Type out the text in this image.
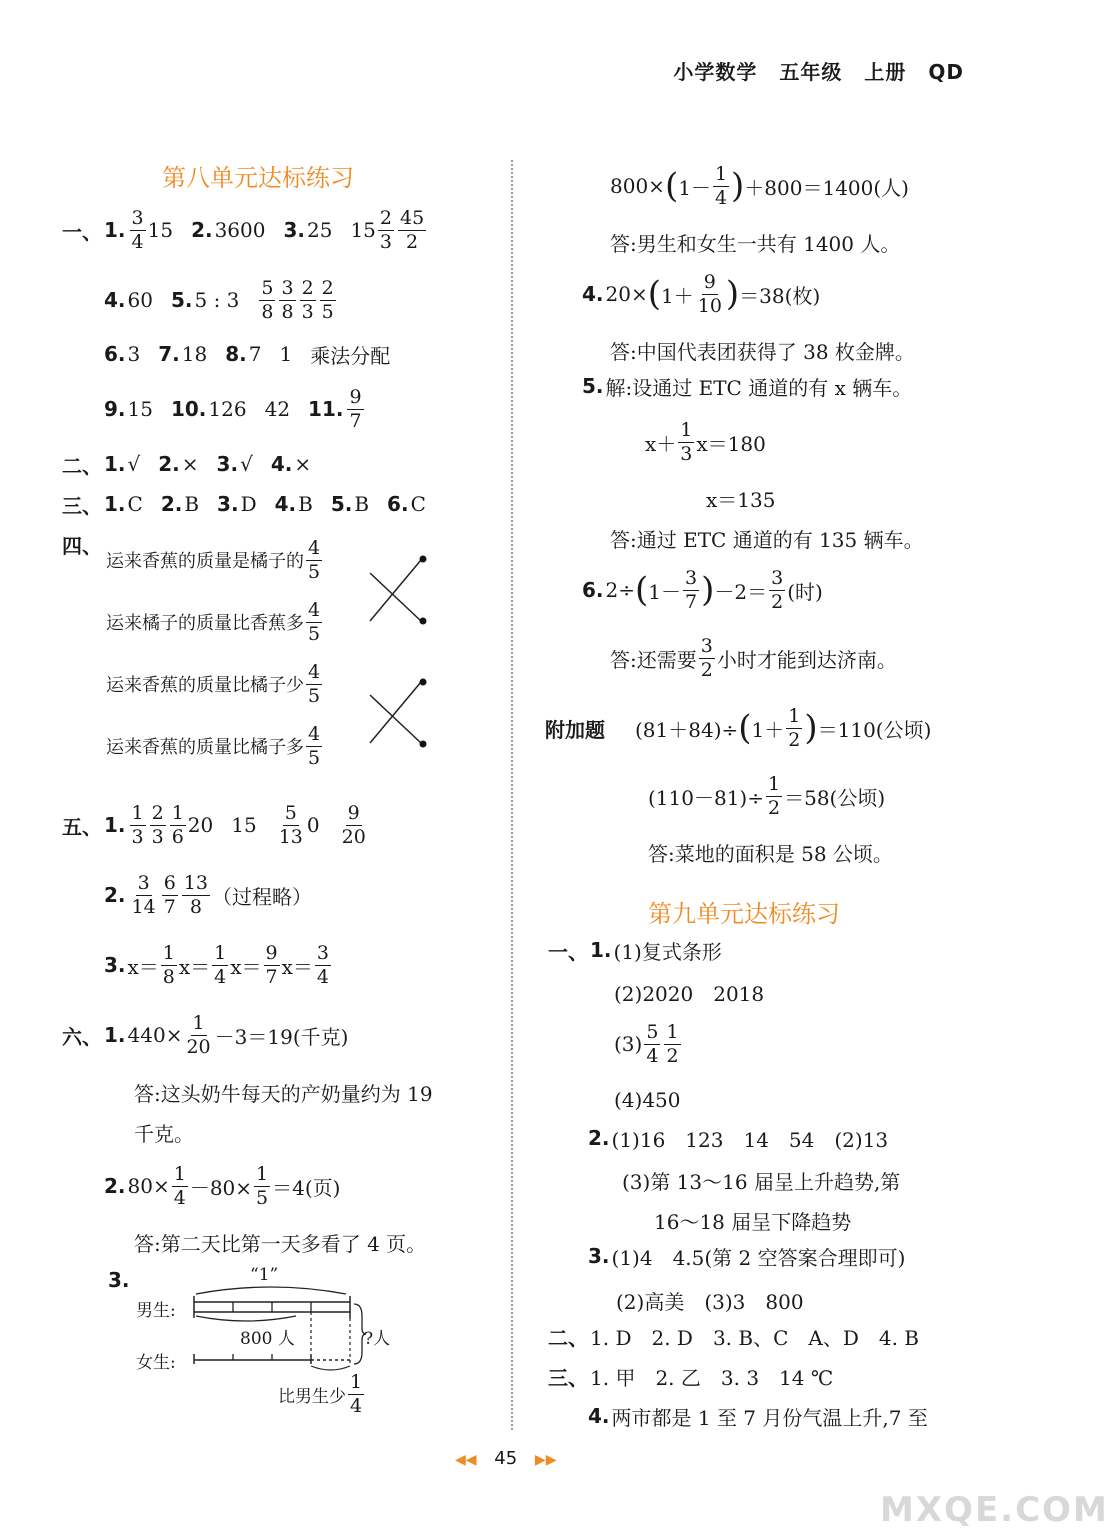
小学数学 五年级 上册 QD
第八单元达标练习
一、 1. $\frac{3}{4} 15$ 2. 3600 3. 25 $15 \frac{2}{3} \frac{45}{2}$
4. 60 5. 5 : $3 \frac{5}{8} \frac{3}{8} \frac{2}{3} \frac{2}{5}$
6. 3 7. 18 8. 7 1 乘法分配
9. 15 10. 126 42 11. $\frac{9}{7}$
二、 1. √ 2. × 3. √ 4. ×
三、 1. C 2. B 3. D 4. B 5. B 6. C
四、
运来香蕉的质量是橘子的 $\frac{4}{5}$
运来橘子的质量比香蕉多 $\frac{4}{5}$
运来香蕉的质量比橘子少 $\frac{4}{5}$
运来香蕉的质量比橘子多 $\frac{4}{5}$
五、 1. $\frac{1}{3} \frac{2}{3} \frac{1}{6} 20$ $15 \frac{5}{13} 0 \frac{9}{20}$
2. $\frac{3}{14} \frac{6}{7} \frac{13}{8}$ （过程略）
3. $x= \frac{1}{8} x= \frac{1}{4} x= \frac{9}{7} x= \frac{3}{4}$
六、 1. $440\times \frac{1}{20} -3=19$(千克)
答:这头奶牛每天的产奶量约为 19
千克。
2. $80\times \frac{1}{4} -80\times \frac{1}{5} =4$(页)
答:第二天比第一天多看了 4 页。
3.	“1”
男生:
女生:
800 人	?人
比男生少 $\frac{1}{4}$
800× ( $1- \frac{1}{4}$ ) ＋800＝1400(人)
答:男生和女生一共有 1400 人。
4. 20× ( $1+ \frac{9}{10}$ ) ＝38(枚)
答:中国代表团获得了 38 枚金牌。
5. 解:设通过 ETC 通道的有 x 辆车。
$x+ \frac{1}{3} x=180$
x＝135
答:通过 ETC 通道的有 135 辆车。
6. 2÷ ( $1- \frac{3}{7}$ ) $-2= \frac{3}{2}$ (时)
答:还需要 $\frac{3}{2}$ 小时才能到达济南。
附加题 (81＋84)÷ ( $1+ \frac{1}{2}$ ) ＝110(公顷)
$(110-81)\div \frac{1}{2} =58$(公顷)
答:菜地的面积是 58 公顷。
第九单元达标练习
一、 1. (1)复式条形
(2)2020　2018
$(3) \frac{5}{4} \frac{1}{2}$
(4)450
2. (1)16　123　14　54　(2)13
(3)第 13～16 届呈上升趋势,第
16～18 届呈下降趋势
3. (1)4　4.5(第 2 空答案合理即可)
(2)高美　(3)3　800
二、 1. D　2. D　3. B、C　A、D　4. B
三、 1. 甲　2. 乙　3. 3　14 ℃
4. 两市都是 1 至 7 月份气温上升,7 至
◀◀ 45 ▶▶
MXQE.COM
